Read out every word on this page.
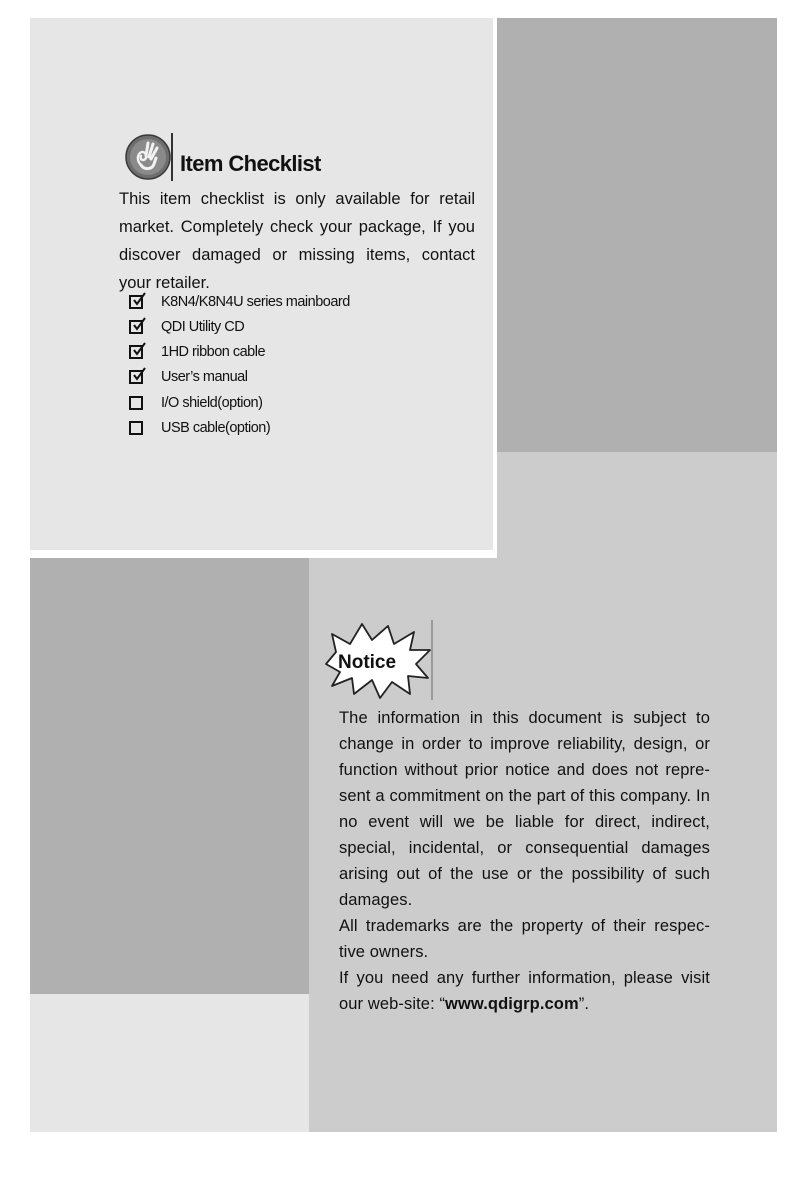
Item Checklist
This item checklist is only available for retail market. Completely check your package, If you discover damaged or missing items, contact your retailer.
K8N4/K8N4U series mainboard
QDI Utility CD
1HD ribbon cable
User’s manual
I/O shield(option)
USB cable(option)
Notice

The information in this document is subject to change in order to improve reliability, design, or function without prior notice and does not repre-sent a commitment on the part of this company. In no event will we be liable for direct, indirect, special, incidental, or consequential damages arising out of the use or the possibility of such damages.

All trademarks are the property of their respec-tive owners.

If you need any further information, please visit our web-site: “www.qdigrp.com”.
